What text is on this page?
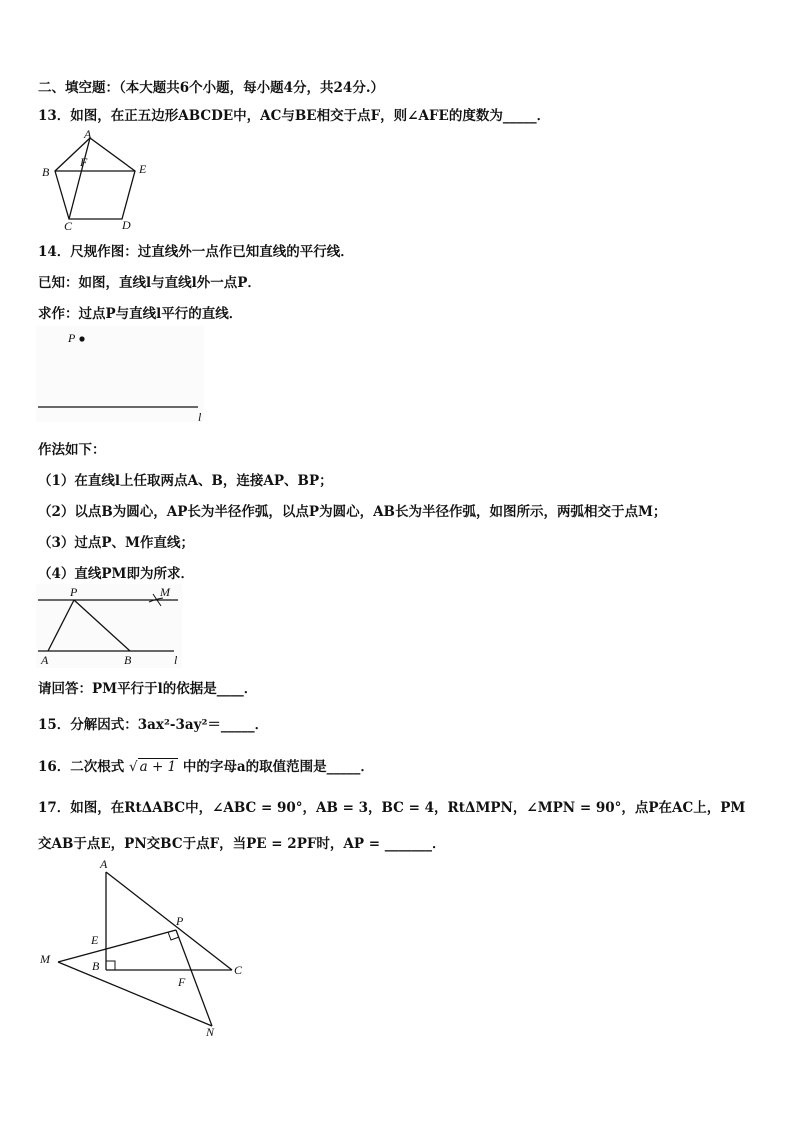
二、填空题：（本大题共6个小题，每小题4分，共24分.）
13．如图，在正五边形ABCDE中，AC与BE相交于点F，则∠AFE的度数为_____．
A
B
C	D
E
F
14．尺规作图：过直线外一点作已知直线的平行线．
已知：如图，直线l与直线l外一点P．
求作：过点P与直线l平行的直线．
P
l
作法如下：
（1）在直线l上任取两点A、B，连接AP、BP；
（2）以点B为圆心，AP长为半径作弧，以点P为圆心，AB长为半径作弧，如图所示，两弧相交于点M；
（3）过点P、M作直线；
（4）直线PM即为所求．
P	M
A	B	l
请回答：PM平行于l的依据是____．
15．分解因式：3ax²-3ay²＝_____．
16．二次根式 √ a + 1 中的字母a的取值范围是_____．
17．如图，在RtΔABC中，∠ABC = 90°，AB = 3，BC = 4，RtΔMPN，∠MPN = 90°，点P在AC上，PM
交AB于点E，PN交BC于点F，当PE = 2PF时，AP = _______．
A
P
E
M	B	C
F
N
